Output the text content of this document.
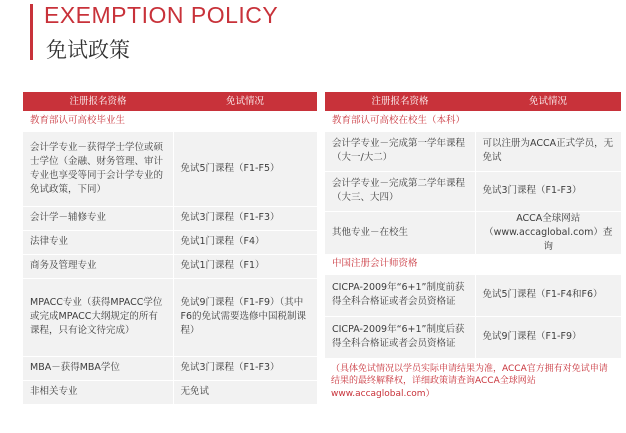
EXEMPTION POLICY
免试政策
注册报名资格	免试情况
教育部认可高校毕业生	
会计学专业－获得学士学位或硕士学位（金融、财务管理、审计专业也享受等同于会计学专业的免试政策，下同）	免试5门课程（F1-F5）
会计学－辅修专业	免试3门课程（F1-F3）
法律专业	免试1门课程（F4）
商务及管理专业	免试1门课程（F1）
MPACC专业（获得MPACC学位或完成MPACC大纲规定的所有课程，只有论文待完成）	免试9门课程（F1-F9）（其中F6的免试需要选修中国税制课程）
MBA－获得MBA学位	免试3门课程（F1-F3）
非相关专业	无免试
注册报名资格	免试情况
教育部认可高校在校生（本科）	
会计学专业－完成第一学年课程（大一/大二）	可以注册为ACCA正式学员，无免试
会计学专业－完成第二学年课程（大三、大四）	免试3门课程（F1-F3）
其他专业－在校生	ACCA全球网站（www.accaglobal.com）查询
中国注册会计师资格	
CICPA-2009年“6+1”制度前获得全科合格证或者会员资格证	免试5门课程（F1-F4和F6）
CICPA-2009年“6+1”制度后获得全科合格证或者会员资格证	免试9门课程（F1-F9）
（具体免试情况以学员实际申请结果为准，ACCA官方拥有对免试申请结果的最终解释权，详细政策请查询ACCA全球网站www.accaglobal.com）	
